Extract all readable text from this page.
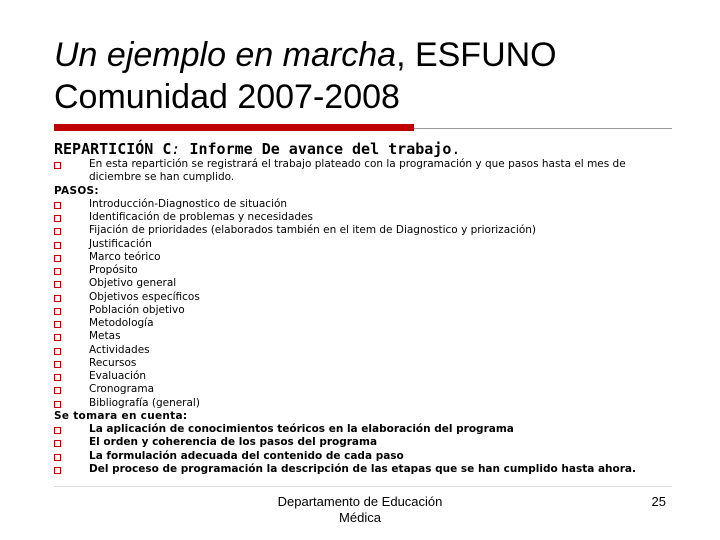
Un ejemplo en marcha, ESFUNO
Comunidad 2007-2008
REPARTICIÓN C: Informe De avance del trabajo.
En esta repartición se registrará el trabajo plateado con la programación y que pasos hasta el mes de diciembre se han cumplido.
PASOS:
Introducción-Diagnostico de situación
Identificación de problemas y necesidades
Fijación de prioridades (elaborados también en el item de Diagnostico y priorización)
Justificación
Marco teórico
Propósito
Objetivo general
Objetivos específicos
Población objetivo
Metodología
Metas
Actividades
Recursos
Evaluación
Cronograma
Bibliografía (general)
Se tomara en cuenta:
La aplicación de conocimientos teóricos en la elaboración del programa
El orden y coherencia de los pasos del programa
La formulación adecuada del contenido de cada paso
Del proceso de programación la descripción de las etapas que se han cumplido hasta ahora.
Departamento de Educación
Médica
25
